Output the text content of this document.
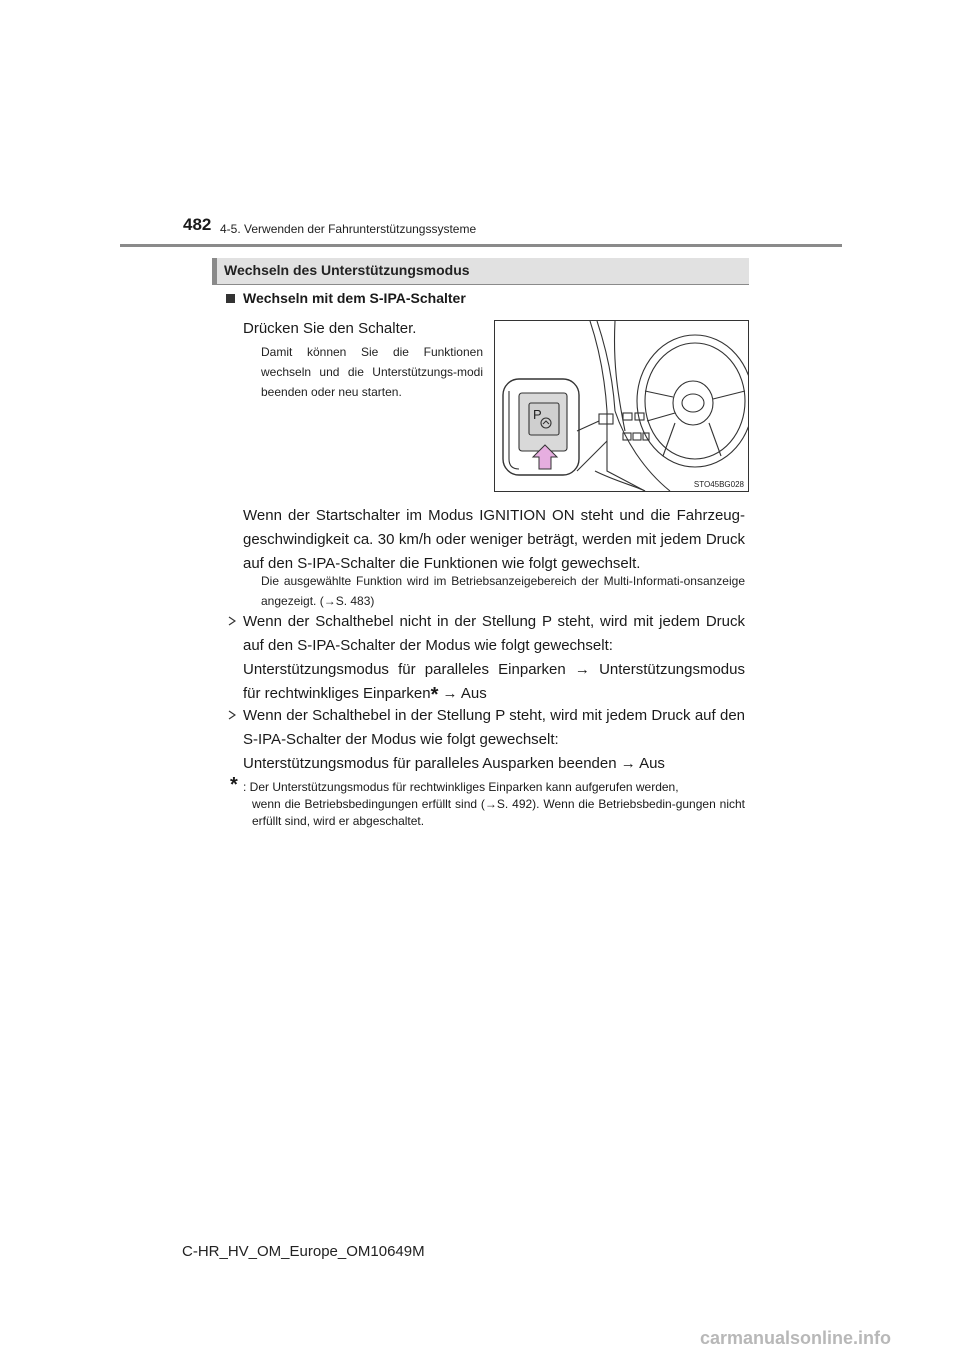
482 4-5. Verwenden der Fahrunterstützungssysteme
Wechseln des Unterstützungsmodus
Wechseln mit dem S-IPA-Schalter
Drücken Sie den Schalter.
Damit können Sie die Funktionen wechseln und die Unterstützungs-modi beenden oder neu starten.
P
STO45BG028
Wenn der Startschalter im Modus IGNITION ON steht und die Fahrzeug-geschwindigkeit ca. 30 km/h oder weniger beträgt, werden mit jedem Druck auf den S-IPA-Schalter die Funktionen wie folgt gewechselt.
Die ausgewählte Funktion wird im Betriebsanzeigebereich der Multi-Informati-onsanzeige angezeigt. (→S. 483)
Wenn der Schalthebel nicht in der Stellung P steht, wird mit jedem Druck auf den S-IPA-Schalter der Modus wie folgt gewechselt:
Unterstützungsmodus für paralleles Einparken → Unterstützungsmodus
für rechtwinkliges Einparken* → Aus
Wenn der Schalthebel in der Stellung P steht, wird mit jedem Druck auf den S-IPA-Schalter der Modus wie folgt gewechselt:
Unterstützungsmodus für paralleles Ausparken beenden → Aus
* : Der Unterstützungsmodus für rechtwinkliges Einparken kann aufgerufen werden,
wenn die Betriebsbedingungen erfüllt sind (→S. 492). Wenn die Betriebsbedin-gungen nicht erfüllt sind, wird er abgeschaltet.
C-HR_HV_OM_Europe_OM10649M
carmanualsonline.info
